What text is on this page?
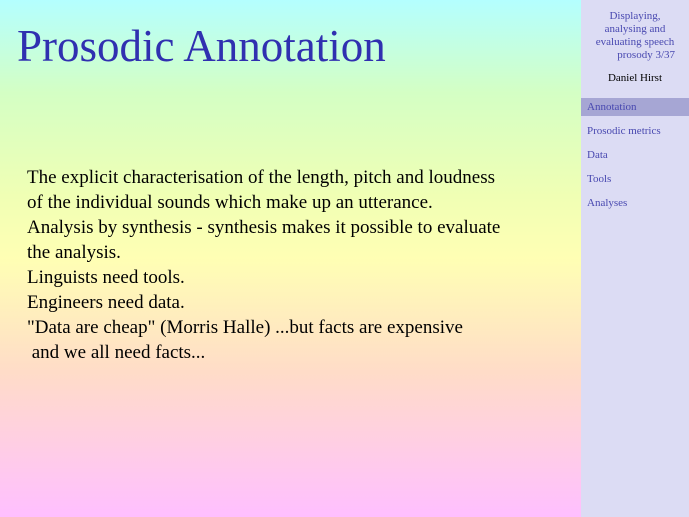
Prosodic Annotation
The explicit characterisation of the length, pitch and loudness
of the individual sounds which make up an utterance.
Analysis by synthesis - synthesis makes it possible to evaluate
the analysis.
Linguists need tools.
Engineers need data.
"Data are cheap" (Morris Halle) ...but facts are expensive
and we all need facts...
Displaying,
analysing and
evaluating speech
prosody 3/37
Daniel Hirst
Annotation
Prosodic metrics
Data
Tools
Analyses
